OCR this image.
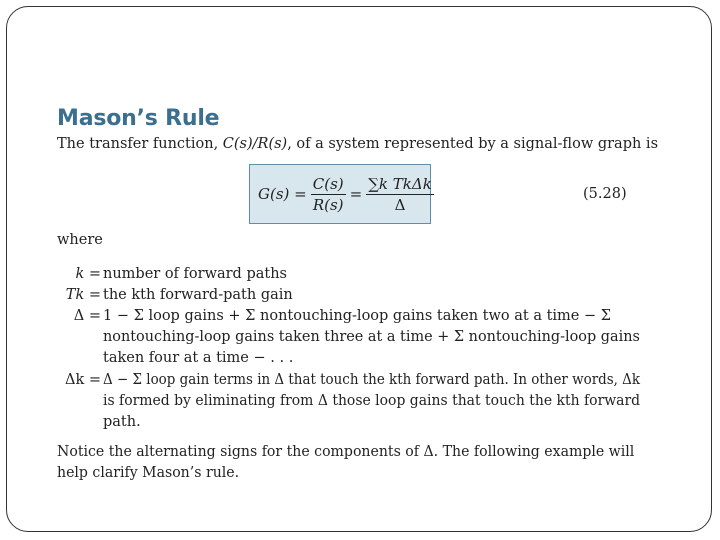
Mason’s Rule
The transfer function, C(s)/R(s), of a system represented by a signal-flow graph is
$G(s) = \frac{C(s)}{R(s)} = \frac{\text{∑k TkΔk}}{\Delta}$	(5.28)
where
k = number of forward paths
Tk = the kth forward-path gain
Δ = 1 − Σ loop gains + Σ nontouching-loop gains taken two at a time − Σ
nontouching-loop gains taken three at a time + Σ nontouching-loop gains
taken four at a time − . . .
Δk = Δ − Σ loop gain terms in Δ that touch the kth forward path. In other words, Δk
is formed by eliminating from Δ those loop gains that touch the kth forward
path.
Notice the alternating signs for the components of Δ. The following example will
help clarify Mason’s rule.
